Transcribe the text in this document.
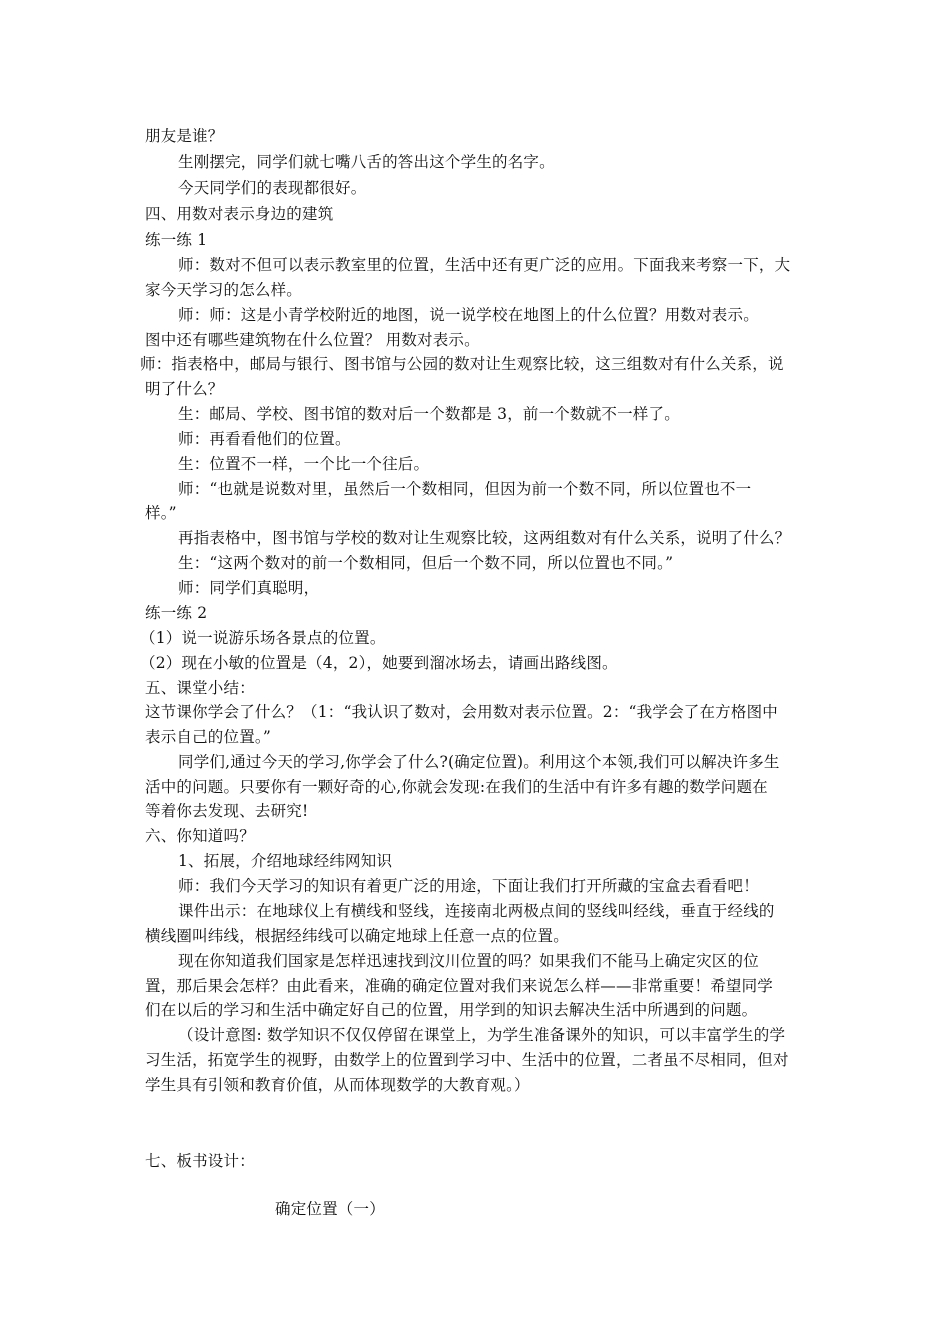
朋友是谁？
生刚摆完，同学们就七嘴八舌的答出这个学生的名字。
今天同学们的表现都很好。
四、用数对表示身边的建筑
练一练 1
师：数对不但可以表示教室里的位置，生活中还有更广泛的应用。下面我来考察一下，大
家今天学习的怎么样。
师：师：这是小青学校附近的地图，说一说学校在地图上的什么位置？用数对表示。
图中还有哪些建筑物在什么位置？ 用数对表示。
师：指表格中，邮局与银行、图书馆与公园的数对让生观察比较，这三组数对有什么关系，说
明了什么？
生：邮局、学校、图书馆的数对后一个数都是 3，前一个数就不一样了。
师：再看看他们的位置。
生：位置不一样，一个比一个往后。
师：“也就是说数对里，虽然后一个数相同，但因为前一个数不同，所以位置也不一
样。”
再指表格中，图书馆与学校的数对让生观察比较，这两组数对有什么关系，说明了什么？
生：“这两个数对的前一个数相同，但后一个数不同，所以位置也不同。”
师：同学们真聪明，
练一练 2
（1）说一说游乐场各景点的位置。
（2）现在小敏的位置是（4，2），她要到溜冰场去，请画出路线图。
五、课堂小结：
这节课你学会了什么？（1：“我认识了数对，会用数对表示位置。2：“我学会了在方格图中
表示自己的位置。”
同学们,通过今天的学习,你学会了什么?(确定位置)。利用这个本领,我们可以解决许多生
活中的问题。只要你有一颗好奇的心,你就会发现:在我们的生活中有许多有趣的数学问题在
等着你去发现、去研究!
六、你知道吗？
1、拓展，介绍地球经纬网知识
师：我们今天学习的知识有着更广泛的用途，下面让我们打开所藏的宝盒去看看吧！
课件出示：在地球仪上有横线和竖线，连接南北两极点间的竖线叫经线，垂直于经线的
横线圈叫纬线，根据经纬线可以确定地球上任意一点的位置。
现在你知道我们国家是怎样迅速找到汶川位置的吗？如果我们不能马上确定灾区的位
置，那后果会怎样？由此看来，准确的确定位置对我们来说怎么样——非常重要！希望同学
们在以后的学习和生活中确定好自己的位置，用学到的知识去解决生活中所遇到的问题。
（设计意图: 数学知识不仅仅停留在课堂上，为学生准备课外的知识，可以丰富学生的学
习生活，拓宽学生的视野，由数学上的位置到学习中、生活中的位置，二者虽不尽相同，但对
学生具有引领和教育价值，从而体现数学的大教育观。）
七、板书设计：
确定位置（一）
